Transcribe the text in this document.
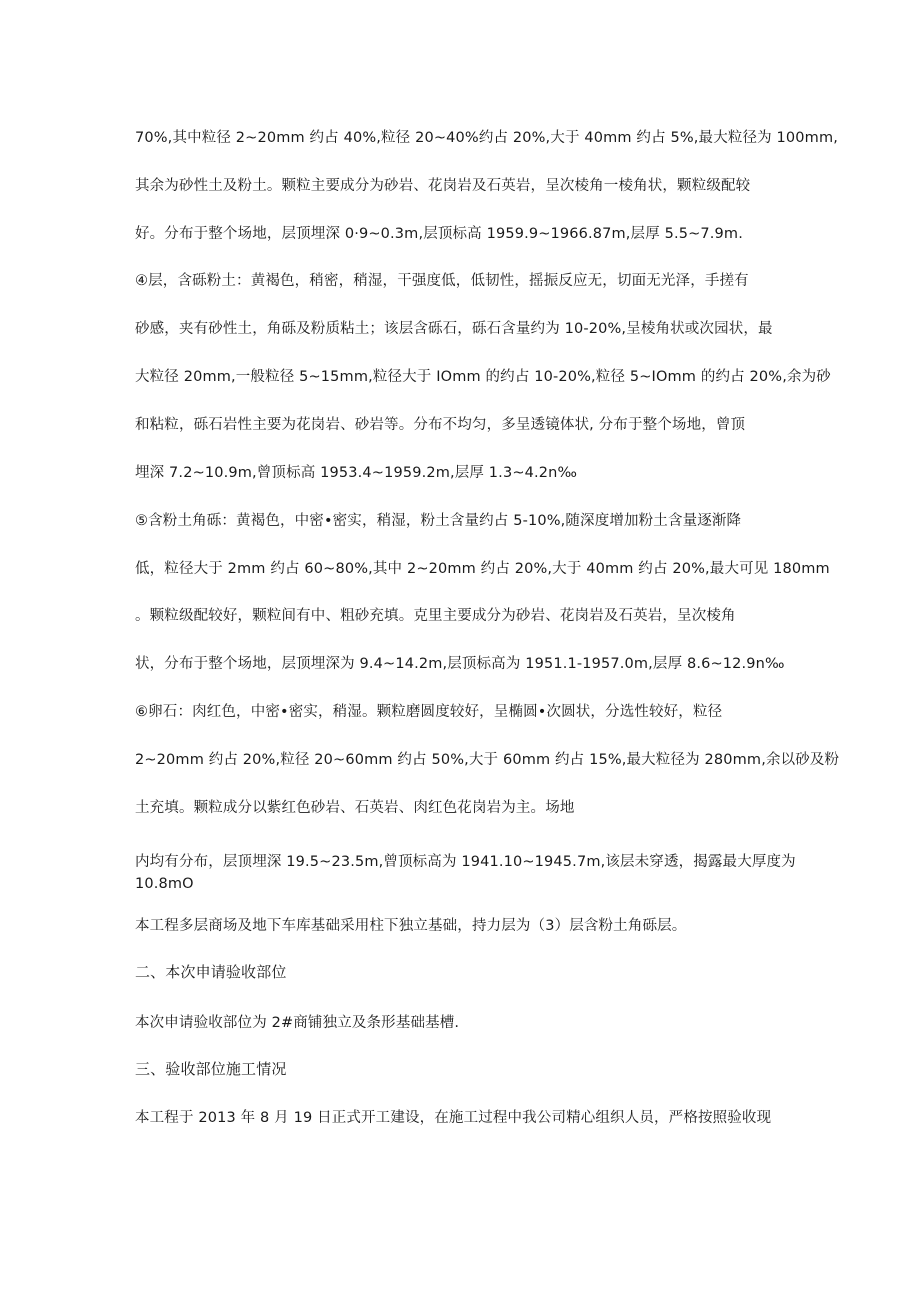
70%,其中粒径 2~20mm 约占 40%,粒径 20~40%约占 20%,大于 40mm 约占 5%,最大粒径为 100mm,
其余为砂性土及粉土。颗粒主要成分为砂岩、花岗岩及石英岩，呈次棱角一棱角状，颗粒级配较
好。分布于整个场地，层顶埋深 0·9~0.3m,层顶标高 1959.9~1966.87m,层厚 5.5~7.9m.
④层，含砾粉土：黄褐色，稍密，稍湿，干强度低，低韧性，摇振反应无，切面无光泽，手搓有
砂感，夹有砂性土，角砾及粉质粘土；该层含砾石，砾石含量约为 10-20%,呈棱角状或次园状，最
大粒径 20mm,一般粒径 5~15mm,粒径大于 IOmm 的约占 10-20%,粒径 5~IOmm 的约占 20%,余为砂
和粘粒，砾石岩性主要为花岗岩、砂岩等。分布不均匀，多呈透镜体状, 分布于整个场地，曾顶
埋深 7.2~10.9m,曾顶标高 1953.4~1959.2m,层厚 1.3~4.2n‰
⑤含粉土角砾：黄褐色，中密•密实，稍湿，粉土含量约占 5-10%,随深度增加粉土含量逐渐降
低，粒径大于 2mm 约占 60~80%,其中 2~20mm 约占 20%,大于 40mm 约占 20%,最大可见 180mm
。颗粒级配较好，颗粒间有中、粗砂充填。克里主要成分为砂岩、花岗岩及石英岩，呈次棱角
状，分布于整个场地，层顶埋深为 9.4~14.2m,层顶标高为 1951.1-1957.0m,层厚 8.6~12.9n‰
⑥卵石：肉红色，中密•密实，稍湿。颗粒磨圆度较好，呈椭圆•次圆状，分选性较好，粒径
2~20mm 约占 20%,粒径 20~60mm 约占 50%,大于 60mm 约占 15%,最大粒径为 280mm,余以砂及粉
土充填。颗粒成分以紫红色砂岩、石英岩、肉红色花岗岩为主。场地
内均有分布，层顶埋深 19.5~23.5m,曾顶标高为 1941.10~1945.7m,该层未穿透，揭露最大厚度为
10.8mO
本工程多层商场及地下车库基础采用柱下独立基础，持力层为（3）层含粉土角砾层。
二、本次申请验收部位
本次申请验收部位为 2#商铺独立及条形基础基槽.
三、验收部位施工情况
本工程于 2013 年 8 月 19 日正式开工建设，在施工过程中我公司精心组织人员，严格按照验收现
